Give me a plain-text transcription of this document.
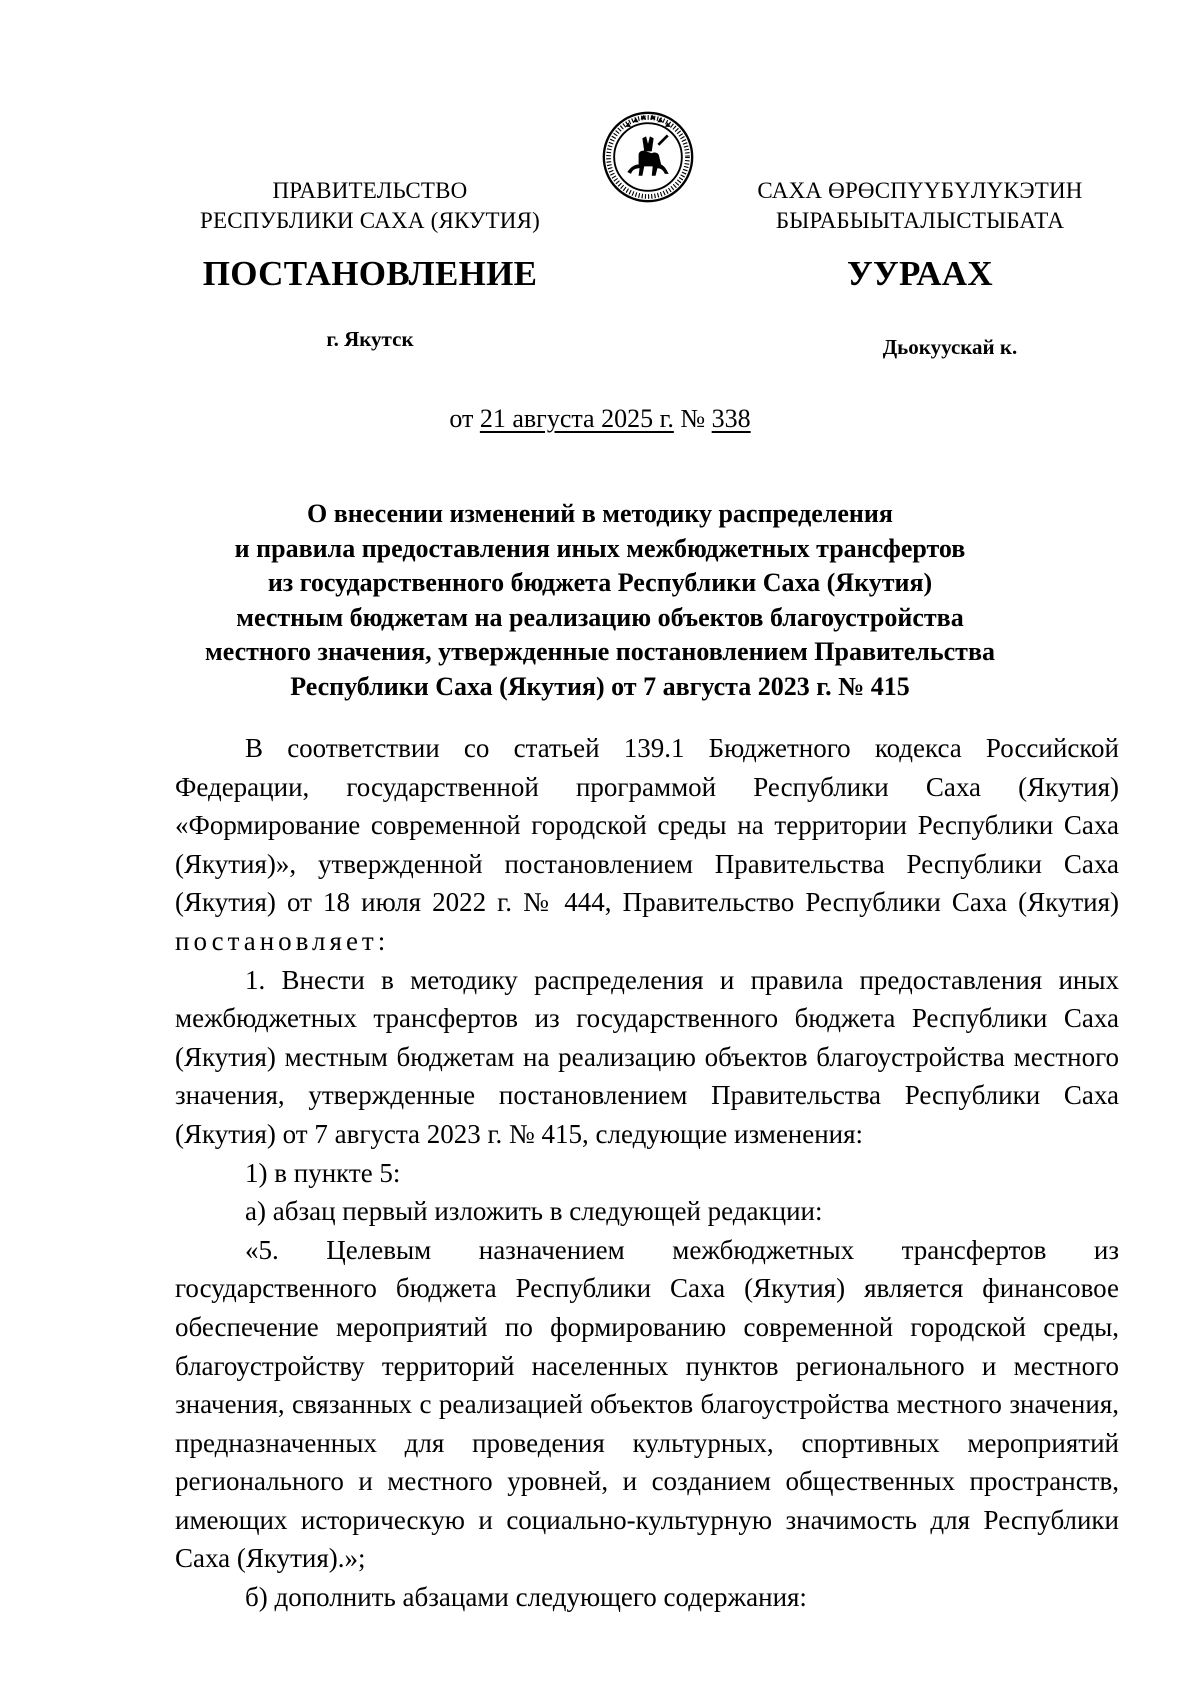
ПРАВИТЕЛЬСТВО
РЕСПУБЛИКИ САХА (ЯКУТИЯ)
САХА ӨРӨСПҮҮБҮЛҮКЭТИН
БЫРАБЫЫТАЛЫСТЫБАТА
ПОСТАНОВЛЕНИЕ	УУРААХ
г. Якутск	Дьокуускай к.
от 21 августа 2025 г. № 338
О внесении изменений в методику распределения
и правила предоставления иных межбюджетных трансфертов
из государственного бюджета Республики Саха (Якутия)
местным бюджетам на реализацию объектов благоустройства
местного значения, утвержденные постановлением Правительства
Республики Саха (Якутия) от 7 августа 2023 г. № 415

В соответствии со статьей 139.1 Бюджетного кодекса Российской Федерации, государственной программой Республики Саха (Якутия) «Формирование современной городской среды на территории Республики Саха (Якутия)», утвержденной постановлением Правительства Республики Саха (Якутия) от 18 июля 2022 г. № 444, Правительство Республики Саха (Якутия) постановляет:

1. Внести в методику распределения и правила предоставления иных межбюджетных трансфертов из государственного бюджета Республики Саха (Якутия) местным бюджетам на реализацию объектов благоустройства местного значения, утвержденные постановлением Правительства Республики Саха (Якутия) от 7 августа 2023 г. № 415, следующие изменения:

1) в пункте 5:

а) абзац первый изложить в следующей редакции:

«5. Целевым назначением межбюджетных трансфертов из государственного бюджета Республики Саха (Якутия) является финансовое обеспечение мероприятий по формированию современной городской среды, благоустройству территорий населенных пунктов регионального и местного значения, связанных с реализацией объектов благоустройства местного значения, предназначенных для проведения культурных, спортивных мероприятий регионального и местного уровней, и созданием общественных пространств, имеющих историческую и социально-культурную значимость для Республики Саха (Якутия).»;

б) дополнить абзацами следующего содержания:
